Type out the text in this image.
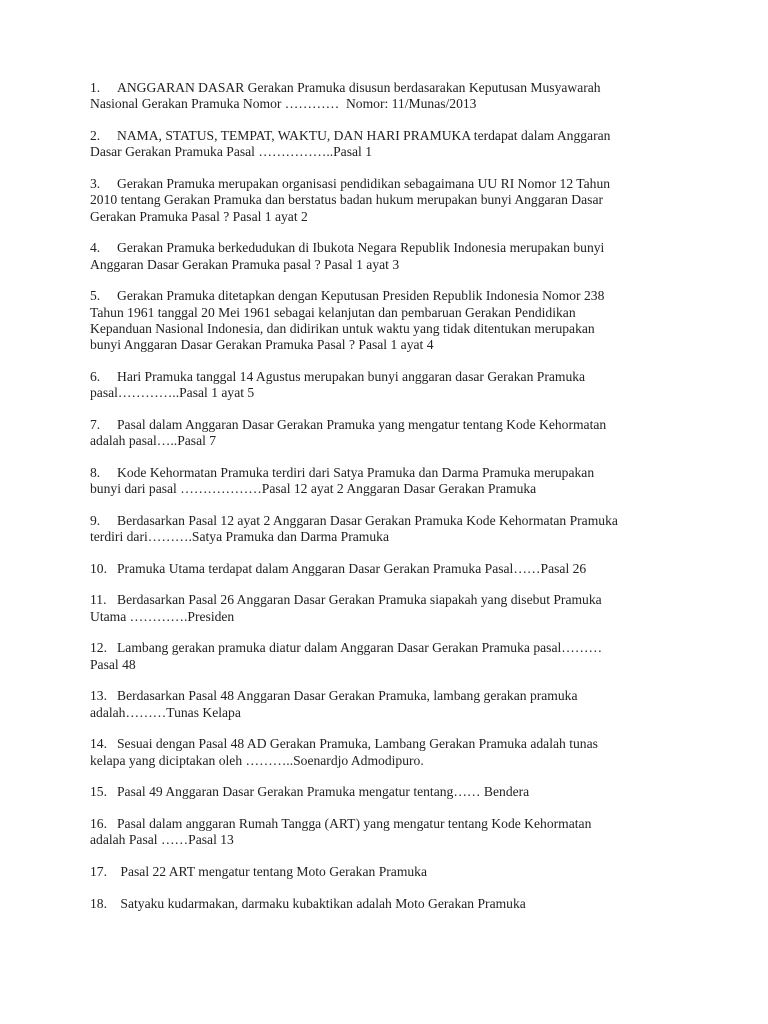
1. ANGGARAN DASAR Gerakan Pramuka disusun berdasarakan Keputusan Musyawarah
Nasional Gerakan Pramuka Nomor …………  Nomor: 11/Munas/2013
2. NAMA, STATUS, TEMPAT, WAKTU, DAN HARI PRAMUKA terdapat dalam Anggaran
Dasar Gerakan Pramuka Pasal ……………..Pasal 1
3. Gerakan Pramuka merupakan organisasi pendidikan sebagaimana UU RI Nomor 12 Tahun
2010 tentang Gerakan Pramuka dan berstatus badan hukum merupakan bunyi Anggaran Dasar
Gerakan Pramuka Pasal ? Pasal 1 ayat 2
4. Gerakan Pramuka berkedudukan di Ibukota Negara Republik Indonesia merupakan bunyi
Anggaran Dasar Gerakan Pramuka pasal ? Pasal 1 ayat 3
5. Gerakan Pramuka ditetapkan dengan Keputusan Presiden Republik Indonesia Nomor 238
Tahun 1961 tanggal 20 Mei 1961 sebagai kelanjutan dan pembaruan Gerakan Pendidikan
Kepanduan Nasional Indonesia, dan didirikan untuk waktu yang tidak ditentukan merupakan
bunyi Anggaran Dasar Gerakan Pramuka Pasal ? Pasal 1 ayat 4
6. Hari Pramuka tanggal 14 Agustus merupakan bunyi anggaran dasar Gerakan Pramuka
pasal…………..Pasal 1 ayat 5
7. Pasal dalam Anggaran Dasar Gerakan Pramuka yang mengatur tentang Kode Kehormatan
adalah pasal…..Pasal 7
8. Kode Kehormatan Pramuka terdiri dari Satya Pramuka dan Darma Pramuka merupakan
bunyi dari pasal ………………Pasal 12 ayat 2 Anggaran Dasar Gerakan Pramuka
9. Berdasarkan Pasal 12 ayat 2 Anggaran Dasar Gerakan Pramuka Kode Kehormatan Pramuka
terdiri dari……….Satya Pramuka dan Darma Pramuka
10. Pramuka Utama terdapat dalam Anggaran Dasar Gerakan Pramuka Pasal……Pasal 26
11. Berdasarkan Pasal 26 Anggaran Dasar Gerakan Pramuka siapakah yang disebut Pramuka
Utama ………….Presiden
12. Lambang gerakan pramuka diatur dalam Anggaran Dasar Gerakan Pramuka pasal………
Pasal 48
13. Berdasarkan Pasal 48 Anggaran Dasar Gerakan Pramuka, lambang gerakan pramuka
adalah………Tunas Kelapa
14. Sesuai dengan Pasal 48 AD Gerakan Pramuka, Lambang Gerakan Pramuka adalah tunas
kelapa yang diciptakan oleh ………..Soenardjo Admodipuro.
15. Pasal 49 Anggaran Dasar Gerakan Pramuka mengatur tentang…… Bendera
16. Pasal dalam anggaran Rumah Tangga (ART) yang mengatur tentang Kode Kehormatan
adalah Pasal ……Pasal 13
17. Pasal 22 ART mengatur tentang Moto Gerakan Pramuka
18. Satyaku kudarmakan, darmaku kubaktikan adalah Moto Gerakan Pramuka
